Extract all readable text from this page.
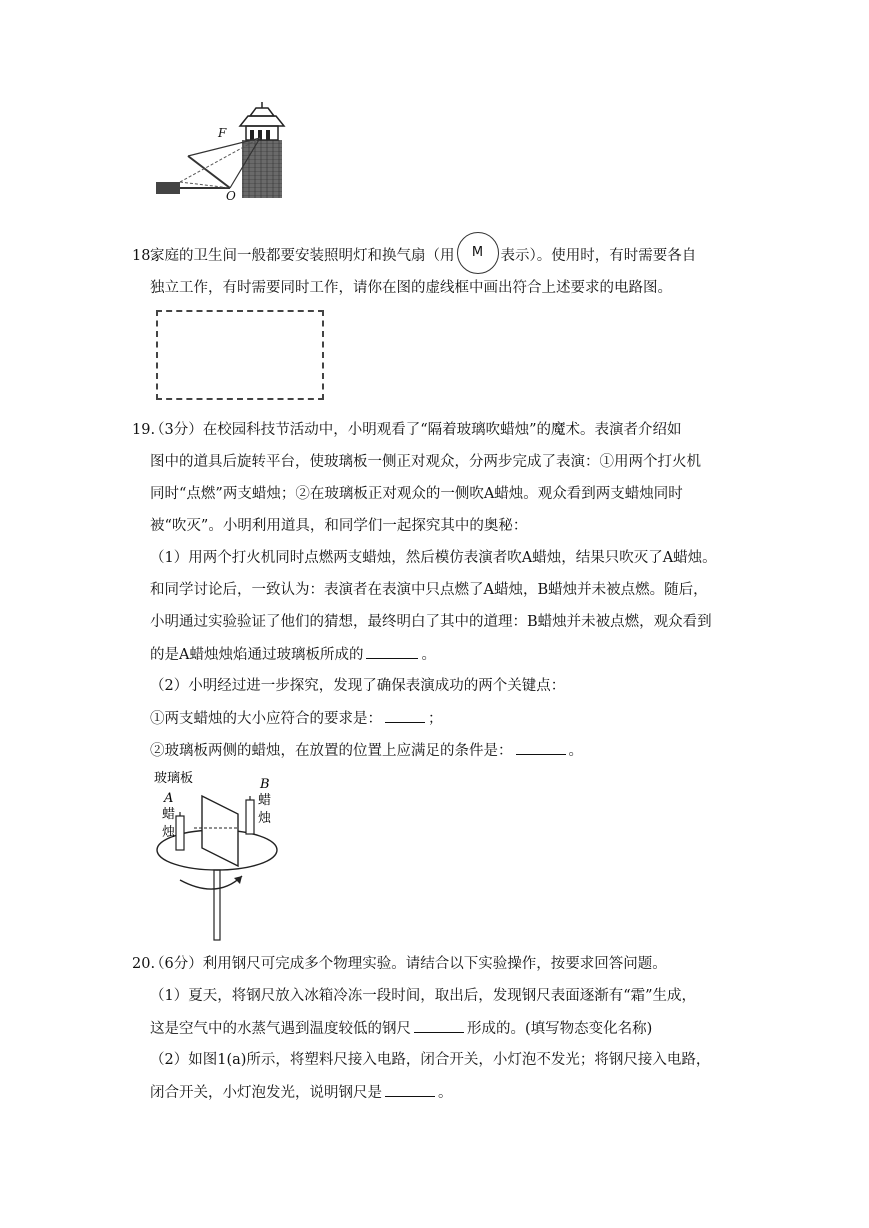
F
O
18.
家庭的卫生间一般都要安装照明灯和换气扇（用 M 表示）。使用时，有时需要各自
独立工作，有时需要同时工作，请你在图的虚线框中画出符合上述要求的电路图。
19.
（3分）在校园科技节活动中，小明观看了“隔着玻璃吹蜡烛”的魔术。表演者介绍如
图中的道具后旋转平台，使玻璃板一侧正对观众，分两步完成了表演：①用两个打火机
同时“点燃”两支蜡烛；②在玻璃板正对观众的一侧吹A蜡烛。观众看到两支蜡烛同时
被“吹灭”。小明利用道具，和同学们一起探究其中的奥秘：
（1）用两个打火机同时点燃两支蜡烛，然后模仿表演者吹A蜡烛，结果只吹灭了A蜡烛。
和同学讨论后，一致认为：表演者在表演中只点燃了A蜡烛，B蜡烛并未被点燃。随后，
小明通过实验验证了他们的猜想，最终明白了其中的道理：B蜡烛并未被点燃，观众看到
的是A蜡烛烛焰通过玻璃板所成的	。
（2）小明经过进一步探究，发现了确保表演成功的两个关键点：
①两支蜡烛的大小应符合的要求是：	；
②玻璃板两侧的蜡烛，在放置的位置上应满足的条件是：	。
玻璃板
A
蜡
烛
B
蜡
烛
20.
（6分）利用钢尺可完成多个物理实验。请结合以下实验操作，按要求回答问题。
（1）夏天，将钢尺放入冰箱冷冻一段时间，取出后，发现钢尺表面逐渐有“霜”生成，
这是空气中的水蒸气遇到温度较低的钢尺	形成的。(填写物态变化名称)
（2）如图1(a)所示，将塑料尺接入电路，闭合开关，小灯泡不发光；将钢尺接入电路，
闭合开关，小灯泡发光，说明钢尺是	。
